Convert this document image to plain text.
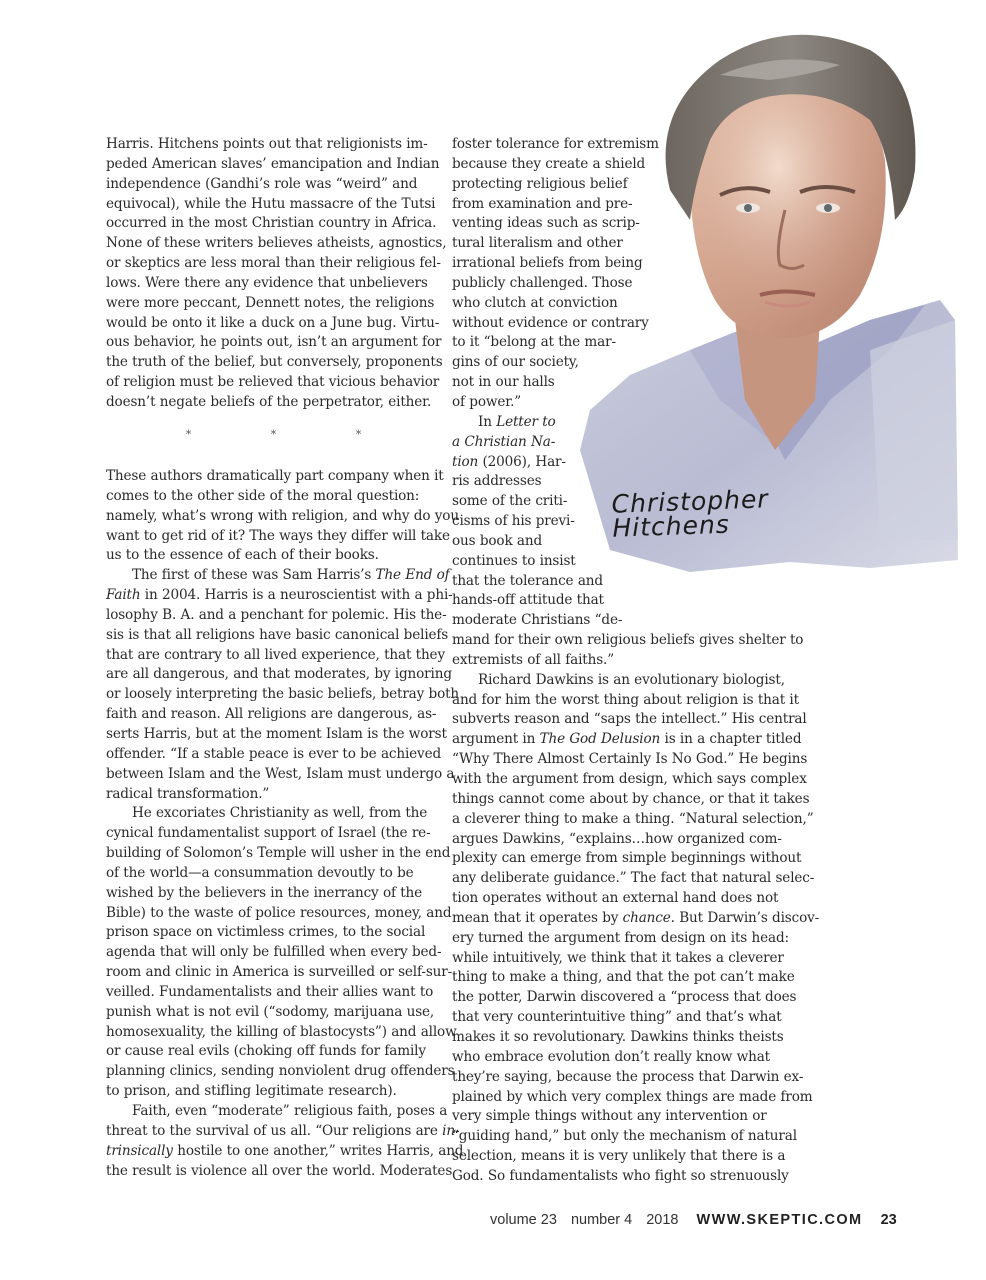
Christopher
Hitchens
Harris. Hitchens points out that religionists im-
peded American slaves’ emancipation and Indian
independence (Gandhi’s role was “weird” and
equivocal), while the Hutu massacre of the Tutsi
occurred in the most Christian country in Africa.
None of these writers believes atheists, agnostics,
or skeptics are less moral than their religious fel-
lows. Were there any evidence that unbelievers
were more peccant, Dennett notes, the religions
would be onto it like a duck on a June bug. Virtu-
ous behavior, he points out, isn’t an argument for
the truth of the belief, but conversely, proponents
of religion must be relieved that vicious behavior
doesn’t negate beliefs of the perpetrator, either.
* * *
These authors dramatically part company when it
comes to the other side of the moral question:
namely, what’s wrong with religion, and why do you
want to get rid of it? The ways they differ will take
us to the essence of each of their books.
The first of these was Sam Harris’s The End of
Faith in 2004. Harris is a neuroscientist with a phi-
losophy B. A. and a penchant for polemic. His the-
sis is that all religions have basic canonical beliefs
that are contrary to all lived experience, that they
are all dangerous, and that moderates, by ignoring
or loosely interpreting the basic beliefs, betray both
faith and reason. All religions are dangerous, as-
serts Harris, but at the moment Islam is the worst
offender. “If a stable peace is ever to be achieved
between Islam and the West, Islam must undergo a
radical transformation.”
He excoriates Christianity as well, from the
cynical fundamentalist support of Israel (the re-
building of Solomon’s Temple will usher in the end
of the world—a consummation devoutly to be
wished by the believers in the inerrancy of the
Bible) to the waste of police resources, money, and
prison space on victimless crimes, to the social
agenda that will only be fulfilled when every bed-
room and clinic in America is surveilled or self-sur-
veilled. Fundamentalists and their allies want to
punish what is not evil (“sodomy, marijuana use,
homosexuality, the killing of blastocysts”) and allow
or cause real evils (choking off funds for family
planning clinics, sending nonviolent drug offenders
to prison, and stifling legitimate research).
Faith, even “moderate” religious faith, poses a
threat to the survival of us all. “Our religions are in-
trinsically hostile to one another,” writes Harris, and
the result is violence all over the world. Moderates
foster tolerance for extremism
because they create a shield
protecting religious belief
from examination and pre-
venting ideas such as scrip-
tural literalism and other
irrational beliefs from being
publicly challenged. Those
who clutch at conviction
without evidence or contrary
to it “belong at the mar-
gins of our society,
not in our halls
of power.”
In Letter to
a Christian Na-
tion (2006), Har-
ris addresses
some of the criti-
cisms of his previ-
ous book and
continues to insist
that the tolerance and
hands-off attitude that
moderate Christians “de-
mand for their own religious beliefs gives shelter to
extremists of all faiths.”
Richard Dawkins is an evolutionary biologist,
and for him the worst thing about religion is that it
subverts reason and “saps the intellect.” His central
argument in The God Delusion is in a chapter titled
“Why There Almost Certainly Is No God.” He begins
with the argument from design, which says complex
things cannot come about by chance, or that it takes
a cleverer thing to make a thing. “Natural selection,”
argues Dawkins, “explains…how organized com-
plexity can emerge from simple beginnings without
any deliberate guidance.” The fact that natural selec-
tion operates without an external hand does not
mean that it operates by chance. But Darwin’s discov-
ery turned the argument from design on its head:
while intuitively, we think that it takes a cleverer
thing to make a thing, and that the pot can’t make
the potter, Darwin discovered a “process that does
that very counterintuitive thing” and that’s what
makes it so revolutionary. Dawkins thinks theists
who embrace evolution don’t really know what
they’re saying, because the process that Darwin ex-
plained by which very complex things are made from
very simple things without any intervention or
“guiding hand,” but only the mechanism of natural
selection, means it is very unlikely that there is a
God. So fundamentalists who fight so strenuously
volume 23 number 4 2018 WWW.SKEPTIC.COM 23
